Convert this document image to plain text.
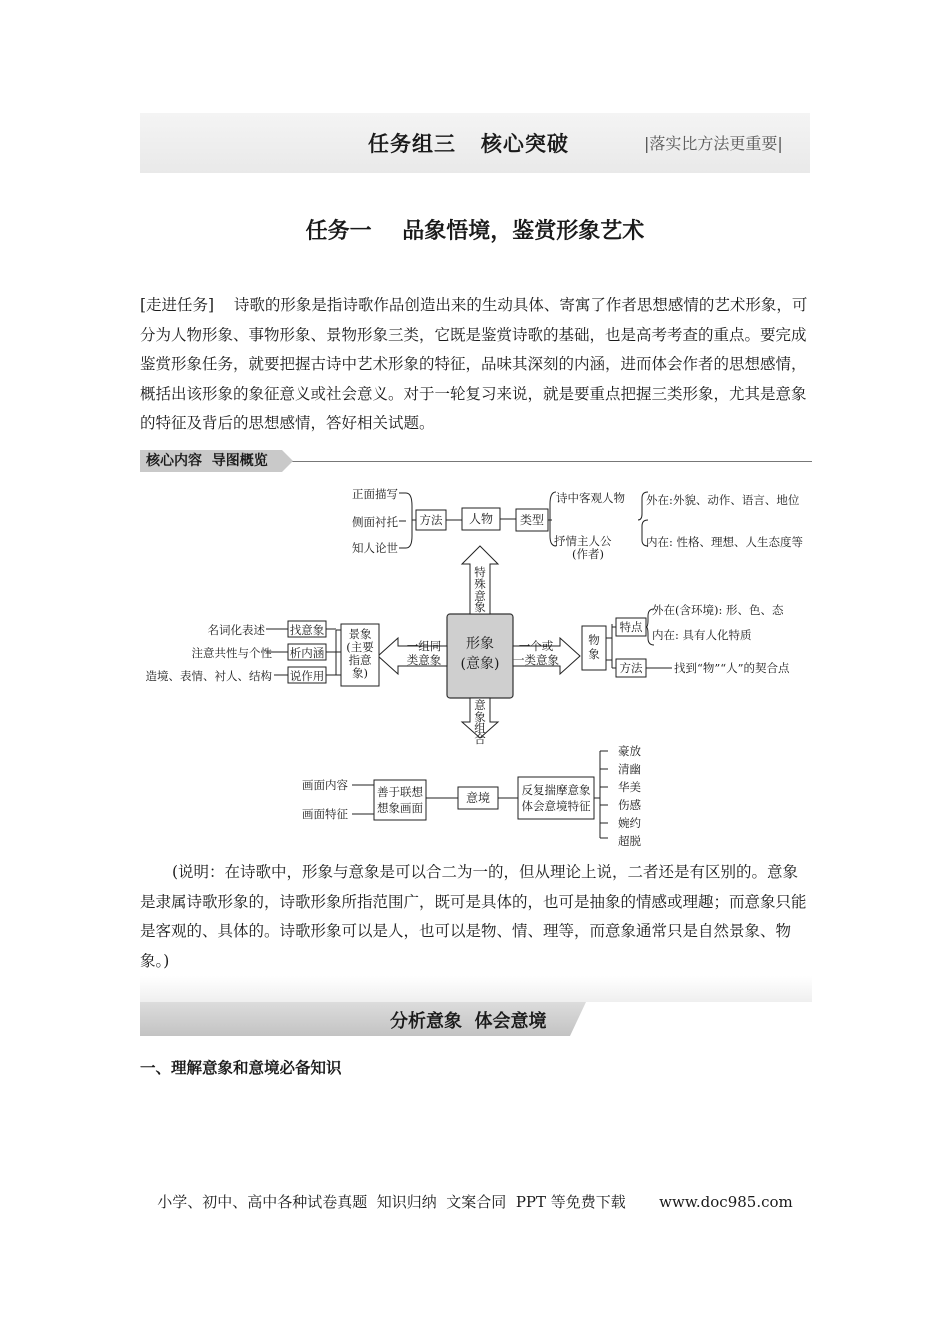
任务组三   核心突破	|落实比方法更重要|
任务一    品象悟境，鉴赏形象艺术
[走进任务] 诗歌的形象是指诗歌作品创造出来的生动具体、寄寓了作者思想感情的艺术形象，可分为人物形象、事物形象、景物形象三类，它既是鉴赏诗歌的基础，也是高考考查的重点。要完成鉴赏形象任务，就要把握古诗中艺术形象的特征，品味其深刻的内涵，进而体会作者的思想感情，概括出该形象的象征意义或社会意义。对于一轮复习来说，就是要重点把握三类形象，尤其是意象的特征及背后的思想感情，答好相关试题。
核心内容  导图概览
形象
(意象)
特
殊
意
象
意
象
组
合
一组同
类意象
一个或
一类意象
正面描写
侧面衬托
知人论世
方法 人物 类型
诗中客观人物
抒情主人公
(作者)
外在:外貌、动作、语言、地位
内在: 性格、理想、人生态度等
景象
(主要
指意
象)
找意象
析内涵
说作用
名词化表述
注意共性与个性
造境、表情、衬人、结构
物
象
特点
方法
外在(含环境): 形、色、态
内在: 具有人化特质
找到“物”“人”的契合点
画面内容
画面特征
善于联想
想象画面
意境
反复揣摩意象
体会意境特征
豪放
清幽
华美
伤感
婉约
超脱
(说明：在诗歌中，形象与意象是可以合二为一的，但从理论上说，二者还是有区别的。意象是隶属诗歌形象的，诗歌形象所指范围广，既可是具体的，也可是抽象的情感或理趣；而意象只能是客观的、具体的。诗歌形象可以是人，也可以是物、情、理等，而意象通常只是自然景象、物象。)
分析意象  体会意境
一、理解意象和意境必备知识
小学、初中、高中各种试卷真题  知识归纳  文案合同  PPT 等免费下载       www.doc985.com
